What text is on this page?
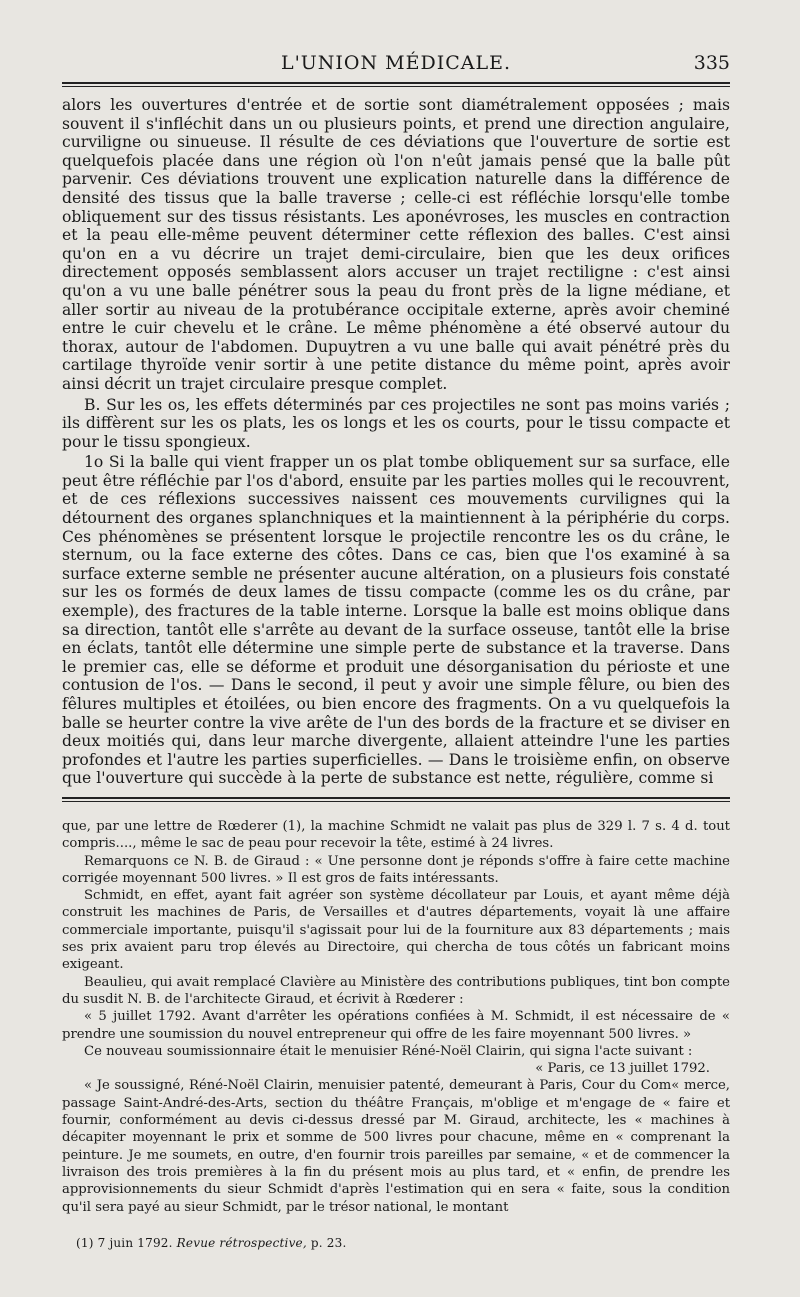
L'UNION MÉDICALE.	335

alors les ouvertures d'entrée et de sortie sont diamétralement opposées ; mais souvent il s'infléchit dans un ou plusieurs points, et prend une direction angulaire, curviligne ou sinueuse. Il résulte de ces déviations que l'ouverture de sortie est quelquefois placée dans une région où l'on n'eût jamais pensé que la balle pût parvenir. Ces déviations trouvent une explication naturelle dans la différence de densité des tissus que la balle traverse ; celle-ci est réfléchie lorsqu'elle tombe obliquement sur des tissus résistants. Les aponévroses, les muscles en contraction et la peau elle-même peuvent déterminer cette réflexion des balles. C'est ainsi qu'on en a vu décrire un trajet demi-circulaire, bien que les deux orifices directement opposés semblassent alors accuser un trajet rectiligne : c'est ainsi qu'on a vu une balle pénétrer sous la peau du front près de la ligne médiane, et aller sortir au niveau de la protubérance occipitale externe, après avoir cheminé entre le cuir chevelu et le crâne. Le même phénomène a été observé autour du thorax, autour de l'abdomen. Dupuytren a vu une balle qui avait pénétré près du cartilage thyroïde venir sortir à une petite distance du même point, après avoir ainsi décrit un trajet circulaire presque complet.

B. Sur les os, les effets déterminés par ces projectiles ne sont pas moins variés ; ils diffèrent sur les os plats, les os longs et les os courts, pour le tissu compacte et pour le tissu spongieux.

1o Si la balle qui vient frapper un os plat tombe obliquement sur sa surface, elle peut être réfléchie par l'os d'abord, ensuite par les parties molles qui le recouvrent, et de ces réflexions successives naissent ces mouvements curvilignes qui la détournent des organes splanchniques et la maintiennent à la périphérie du corps. Ces phénomènes se présentent lorsque le projectile rencontre les os du crâne, le sternum, ou la face externe des côtes. Dans ce cas, bien que l'os examiné à sa surface externe semble ne présenter aucune altération, on a plusieurs fois constaté sur les os formés de deux lames de tissu compacte (comme les os du crâne, par exemple), des fractures de la table interne. Lorsque la balle est moins oblique dans sa direction, tantôt elle s'arrête au devant de la surface osseuse, tantôt elle la brise en éclats, tantôt elle détermine une simple perte de substance et la traverse. Dans le premier cas, elle se déforme et produit une désorganisation du périoste et une contusion de l'os. — Dans le second, il peut y avoir une simple fêlure, ou bien des fêlures multiples et étoilées, ou bien encore des fragments. On a vu quelquefois la balle se heurter contre la vive arête de l'un des bords de la fracture et se diviser en deux moitiés qui, dans leur marche divergente, allaient atteindre l'une les parties profondes et l'autre les parties superficielles. — Dans le troisième enfin, on observe que l'ouverture qui succède à la perte de substance est nette, régulière, comme si

que, par une lettre de Rœderer (1), la machine Schmidt ne valait pas plus de 329 l. 7 s. 4 d. tout compris...., même le sac de peau pour recevoir la tête, estimé à 24 livres.

Remarquons ce N. B. de Giraud : « Une personne dont je réponds s'offre à faire cette machine corrigée moyennant 500 livres. » Il est gros de faits intéressants.

Schmidt, en effet, ayant fait agréer son système décollateur par Louis, et ayant même déjà construit les machines de Paris, de Versailles et d'autres départements, voyait là une affaire commerciale importante, puisqu'il s'agissait pour lui de la fourniture aux 83 départements ; mais ses prix avaient paru trop élevés au Directoire, qui chercha de tous côtés un fabricant moins exigeant.

Beaulieu, qui avait remplacé Clavière au Ministère des contributions publiques, tint bon compte du susdit N. B. de l'architecte Giraud, et écrivit à Rœderer :

« 5 juillet 1792. Avant d'arrêter les opérations confiées à M. Schmidt, il est nécessaire de « prendre une soumission du nouvel entrepreneur qui offre de les faire moyennant 500 livres. »

Ce nouveau soumissionnaire était le menuisier Réné-Noël Clairin, qui signa l'acte suivant :

« Paris, ce 13 juillet 1792.

« Je soussigné, Réné-Noël Clairin, menuisier patenté, demeurant à Paris, Cour du Com« merce, passage Saint-André-des-Arts, section du théâtre Français, m'oblige et m'engage de « faire et fournir, conformément au devis ci-dessus dressé par M. Giraud, architecte, les « machines à décapiter moyennant le prix et somme de 500 livres pour chacune, même en « comprenant la peinture. Je me soumets, en outre, d'en fournir trois pareilles par semaine, « et de commencer la livraison des trois premières à la fin du présent mois au plus tard, et « enfin, de prendre les approvisionnements du sieur Schmidt d'après l'estimation qui en sera « faite, sous la condition qu'il sera payé au sieur Schmidt, par le trésor national, le montant

(1) 7 juin 1792. Revue rétrospective, p. 23.
